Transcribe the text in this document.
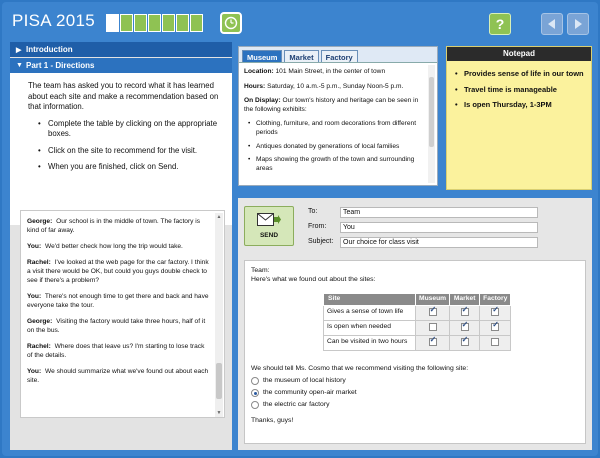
PISA 2015	?
▶ Introduction
▼ Part 1 - Directions

The team has asked you to record what it has learned about each site and make a recommendation based on that information.

• Complete the table by clicking on the appropriate boxes.
• Click on the site to recommend for the visit.
• When you are finished, click on Send.
George: Our school is in the middle of town. The factory is kind of far away.
You: We'd better check how long the trip would take.
Rachel: I've looked at the web page for the car factory. I think a visit there would be OK, but could you guys double check to see if there's a problem?
You: There's not enough time to get there and back and have everyone take the tour.
George: Visiting the factory would take three hours, half of it on the bus.
Rachel: Where does that leave us? I'm starting to lose track of the details.
You: We should summarize what we've found out about each site.
▲
▼
Museum	Market	Factory

Location: 101 Main Street, in the center of town

Hours: Saturday, 10 a.m.-5 p.m., Sunday Noon-5 p.m.

On Display: Our town's history and heritage can be seen in the following exhibits:

• Clothing, furniture, and room decorations from different periods
• Antiques donated by generations of local families
• Maps showing the growth of the town and surrounding areas
Notepad
• Provides sense of life in our town
• Travel time is manageable
• Is open Thursday, 1-3PM
SEND
To:	Team
From:	You
Subject:	Our choice for class visit
Team:
Here's what we found out about the sites:
Site	Museum	Market	Factory
Gives a sense of town life	✓	✓	✓
Is open when needed		✓	✓
Can be visited in two hours	✓	✓	
We should tell Ms. Cosmo that we recommend visiting the following site:
the museum of local history
the community open-air market
the electric car factory
Thanks, guys!
